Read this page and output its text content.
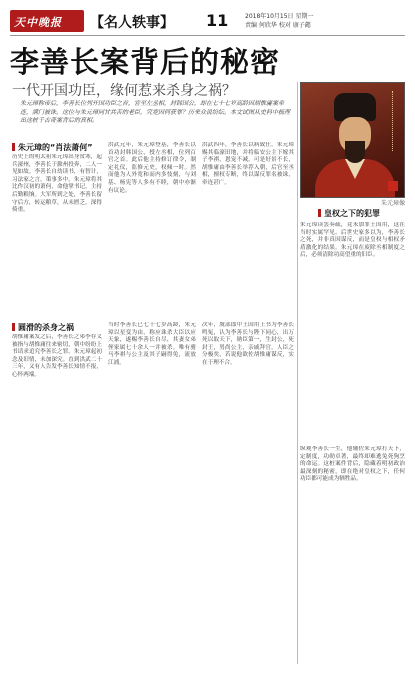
天中晚报 【名人轶事】 11	2018年10月15日 星期一
责编 何欣华 校对 康子懿
李善长案背后的秘密
一代开国功臣，缘何惹来杀身之祸？
朱元璋称帝后，李善长位列开国功臣之首，官至左丞相，封韩国公，却在七十七岁高龄因胡惟庸案牵连，满门被诛。这位与朱元璋同甘共苦的老臣，究竟因何获罪？历来众说纷纭。本文试图从史料中梳理出这桩千古奇案背后的真相。
朱元璋像
朱元璋的“肖法萧何”
历史上的明太祖朱元璋出身贫寒，起兵濠州，李善长于滁州投奔，二人一见如故。李善长自幼读书，有智计，习法家之言，策事多中。朱元璋将其比作汉初的萧何，命他掌书记，主持后勤粮饷。大军所到之处，李善长留守后方，转运粮草，从未匮乏，深得倚重。
洪武元年，朱元璋登基，李善长以首功封韩国公，授左丞相，位列百官之首。此后他主持修订律令，制定礼仪，监修元史，权倾一时。然而他为人外宽和而内多忮刻，与刘基、杨宪等人多有不睦，朝中亦渐有议论。
洪武四年，李善长以病致仕，朱元璋赐其临濠田地，并将临安公主下嫁其子李祺，恩宠不减。可是好景不长，胡惟庸由李善长举荐入朝，后官至丞相，擅权专断，终以谋反罪名被诛，牵连甚广。
圆滑的杀身之祸
胡惟庸案发之后，李善长之弟李存义被指与胡惟庸往来密切，朝中纷纷上书请求追究李善长之罪。朱元璋起初念及旧情，未加深究。直到洪武二十三年，又有人告发李善长知情不报，心怀两端。
当时李善长已七十七岁高龄，朱元璋以星变为由，称应诛杀大臣以应天象，遂赐李善长自尽，其妻女弟侄家属七十余人一并被杀。唯有驸马李祺与公主及其子嗣得免，流放江浦。
次年，虞部郎中王国用上书为李善长鸣冤，认为李善长与陛下同心，出万死以取天下，勋臣第一，生封公，死封王，男尚公主，亲戚拜官，人臣之分极矣，若说他欲佐胡惟庸谋反，实在于理不合。
皇权之下的犯罪
朱元璋读罢奏疏，竟未加罪王国用，这在当时实属罕见。后世史家多以为，李善长之死，并非真因谋反，而是皇权与相权矛盾激化的结果。朱元璋在废除丞相制度之后，必须清除功高望重的旧臣。
纵观李善长一生，他辅佐朱元璋打天下，定制度，功勋卓著，最终却难逃兔死狗烹的命运。这桩案件背后，隐藏着明初政治最深刻的秘密，即在绝对皇权之下，任何功臣都可能成为牺牲品。
